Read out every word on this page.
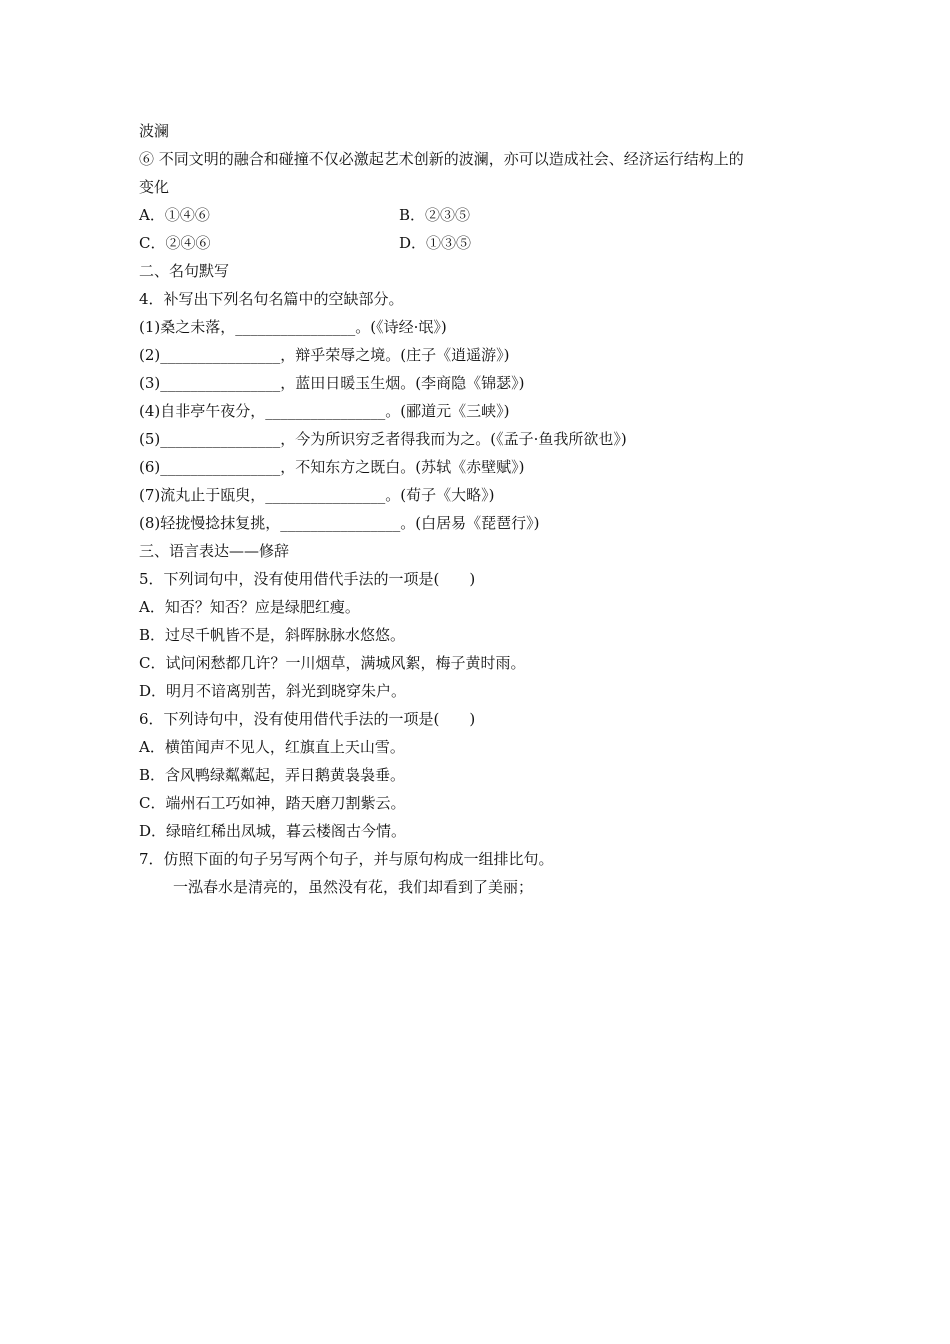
波澜
⑥ 不同文明的融合和碰撞不仅必激起艺术创新的波澜，亦可以造成社会、经济运行结构上的
变化
A．①④⑥	B．②③⑤
C．②④⑥	D．①③⑤
二、名句默写
4．补写出下列名句名篇中的空缺部分。
(1)桑之未落，________________。(《诗经·氓》)
(2)________________，辩乎荣辱之境。(庄子《逍遥游》)
(3)________________，蓝田日暖玉生烟。(李商隐《锦瑟》)
(4)自非亭午夜分，________________。(郦道元《三峡》)
(5)________________，今为所识穷乏者得我而为之。(《孟子·鱼我所欲也》)
(6)________________，不知东方之既白。(苏轼《赤壁赋》)
(7)流丸止于瓯臾，________________。(荀子《大略》)
(8)轻拢慢捻抹复挑，________________。(白居易《琵琶行》)
三、语言表达——修辞
5．下列词句中，没有使用借代手法的一项是(　　)
A．知否？知否？应是绿肥红瘦。
B．过尽千帆皆不是，斜晖脉脉水悠悠。
C．试问闲愁都几许？一川烟草，满城风絮，梅子黄时雨。
D．明月不谙离别苦，斜光到晓穿朱户。
6．下列诗句中，没有使用借代手法的一项是(　　)
A．横笛闻声不见人，红旗直上天山雪。
B．含风鸭绿粼粼起，弄日鹅黄袅袅垂。
C．端州石工巧如神，踏天磨刀割紫云。
D．绿暗红稀出凤城，暮云楼阁古今情。
7．仿照下面的句子另写两个句子，并与原句构成一组排比句。
一泓春水是清亮的，虽然没有花，我们却看到了美丽；
